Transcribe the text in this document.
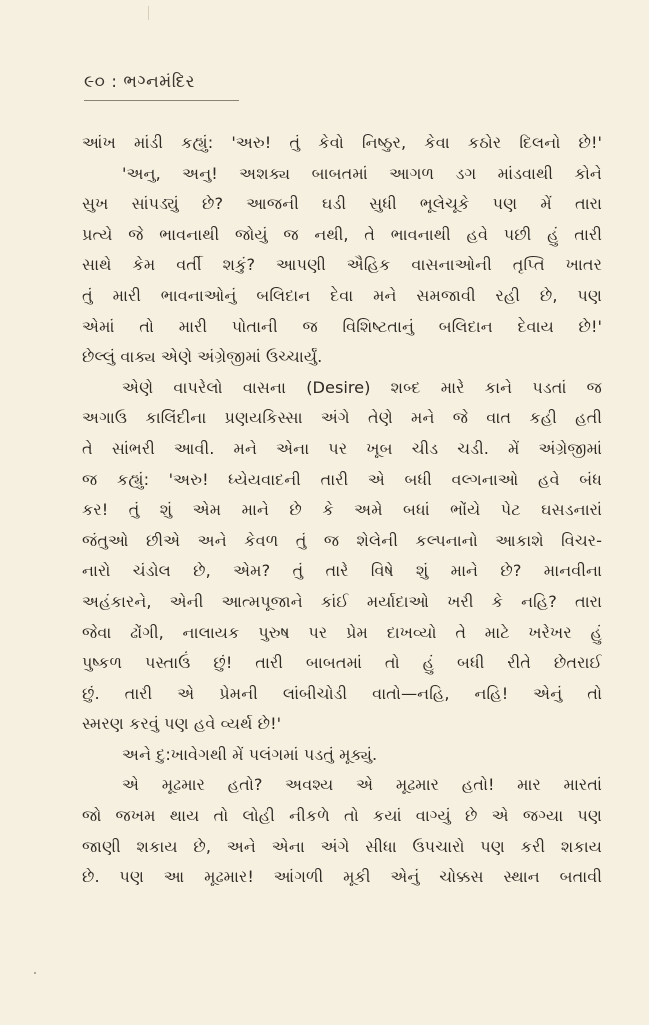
૯૦ : ભગ્નમંદિર
આંખ માંડી કહ્યું: 'અરુ! તું કેવો નિષ્ઠુર, કેવા કઠોર દિલનો છે!'
'અનુ, અનુ! અશક્ય બાબતમાં આગળ ડગ માંડવાથી કોને
સુખ સાંપડ્યું છે? આજની ઘડી સુધી ભૂલેચૂકે પણ મેં તારા
પ્રત્યે જે ભાવનાથી જોયું જ નથી, તે ભાવનાથી હવે પછી હું તારી
સાથે કેમ વર્તી શકું? આપણી ઐહિક વાસનાઓની તૃપ્તિ ખાતર
તું મારી ભાવનાઓનું બલિદાન દેવા મને સમજાવી રહી છે, પણ
એમાં તો મારી પોતાની જ વિશિષ્ટતાનું બલિદાન દેવાય છે!'
છેલ્લું વાક્ય એણે અંગ્રેજીમાં ઉચ્ચાર્યું.
એણે વાપરેલો વાસના (Desire) શબ્દ મારે કાને પડતાં જ
અગાઉ કાલિંદીના પ્રણયકિસ્સા અંગે તેણે મને જે વાત કહી હતી
તે સાંભરી આવી. મને એના પર ખૂબ ચીડ ચડી. મેં અંગ્રેજીમાં
જ કહ્યું: 'અરુ! ધ્યેયવાદની તારી એ બધી વલ્ગનાઓ હવે બંધ
કર! તું શું એમ માને છે કે અમે બધાં ભોંયે પેટ ઘસડનારાં
જંતુઓ છીએ અને કેવળ તું જ શેલેની કલ્પનાનો આકાશે વિચર-
નારો ચંડોલ છે, એમ? તું તારે વિષે શું માને છે? માનવીના
અહંકારને, એની આત્મપૂજાને કાંઈ મર્યાદાઓ ખરી કે નહિ? તારા
જેવા ઢોંગી, નાલાયક પુરુષ પર પ્રેમ દાખવ્યો તે માટે ખરેખર હું
પુષ્કળ પસ્તાઉં છું! તારી બાબતમાં તો હું બધી રીતે છેતરાઈ
છું. તારી એ પ્રેમની લાંબીચોડી વાતો—નહિ, નહિ! એનું તો
સ્મરણ કરવું પણ હવે વ્યર્થ છે!'
અને દુ:ખાવેગથી મેં પલંગમાં પડતું મૂક્યું.
એ મૂઢમાર હતો? અવશ્ય એ મૂઢમાર હતો! માર મારતાં
જો જખમ થાય તો લોહી નીકળે તો કયાં વાગ્યું છે એ જગ્યા પણ
જાણી શકાય છે, અને એના અંગે સીધા ઉપચારો પણ કરી શકાય
છે. પણ આ મૂઢમાર! આંગળી મૂકી એનું ચોક્કસ સ્થાન બતાવી
